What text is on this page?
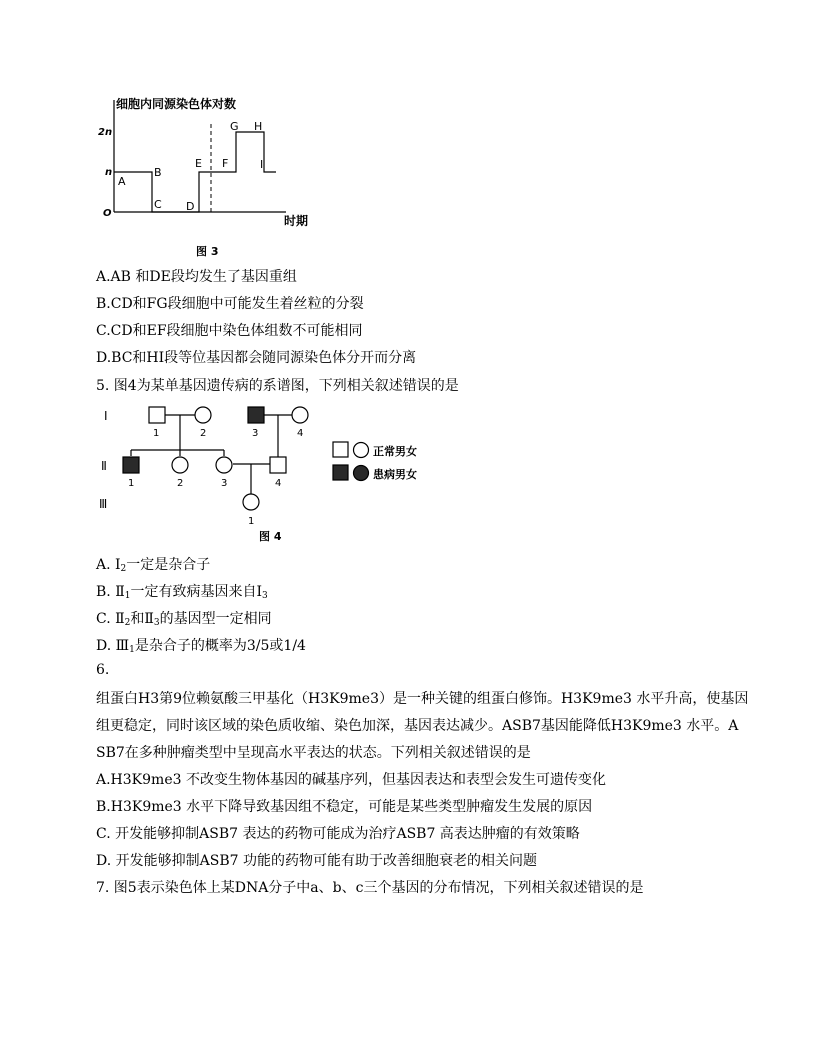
细胞内同源染色体对数
2n
n
O
时期
A
B
C D
E F
G H
I
图 3
A.AB 和DE段均发生了基因重组
B.CD和FG段细胞中可能发生着丝粒的分裂
C.CD和EF段细胞中染色体组数不可能相同
D.BC和HI段等位基因都会随同源染色体分开而分离
5. 图4为某单基因遗传病的系谱图，下列相关叙述错误的是
Ⅰ
Ⅱ
Ⅲ
1	2	3	4
1	2	3	4
1
正常男女
患病男女
图 4
A. $Ⅰ_2$一定是杂合子
B. $Ⅱ_1$一定有致病基因来自$Ⅰ_3$
C. $Ⅱ_2$和$Ⅱ_3$的基因型一定相同
D. $Ⅲ_1$是杂合子的概率为3/5或1/4
6.
组蛋白H3第9位赖氨酸三甲基化（H3K9me3）是一种关键的组蛋白修饰。H3K9me3 水平升高，使基因
组更稳定，同时该区域的染色质收缩、染色加深，基因表达减少。ASB7基因能降低H3K9me3 水平。A
SB7在多种肿瘤类型中呈现高水平表达的状态。下列相关叙述错误的是
A.H3K9me3 不改变生物体基因的碱基序列，但基因表达和表型会发生可遗传变化
B.H3K9me3 水平下降导致基因组不稳定，可能是某些类型肿瘤发生发展的原因
C. 开发能够抑制ASB7 表达的药物可能成为治疗ASB7 高表达肿瘤的有效策略
D. 开发能够抑制ASB7 功能的药物可能有助于改善细胞衰老的相关问题
7. 图5表示染色体上某DNA分子中a、b、c三个基因的分布情况，下列相关叙述错误的是
